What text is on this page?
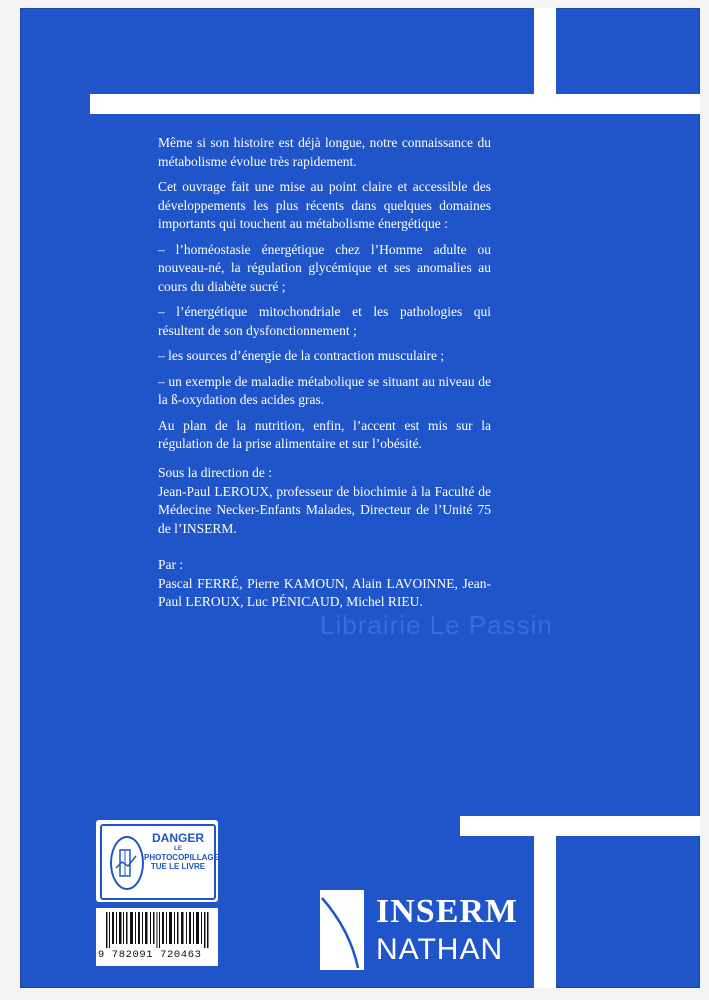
Même si son histoire est déjà longue, notre connaissance du métabolisme évolue très rapidement.

Cet ouvrage fait une mise au point claire et accessible des développements les plus récents dans quelques domaines importants qui touchent au métabolisme énergétique :

– l’homéostasie énergétique chez l’Homme adulte ou nouveau-né, la régulation glycémique et ses anomalies au cours du diabète sucré ;

– l’énergétique mitochondriale et les pathologies qui résultent de son dysfonctionnement ;

– les sources d’énergie de la contraction musculaire ;

– un exemple de maladie métabolique se situant au niveau de la ß-oxydation des acides gras.

Au plan de la nutrition, enfin, l’accent est mis sur la régulation de la prise alimentaire et sur l’obésité.

Sous la direction de :

Jean-Paul LEROUX, professeur de biochimie à la Faculté de Médecine Necker-Enfants Malades, Directeur de l’Unité 75 de l’INSERM.

Par :

Pascal FERRÉ, Pierre KAMOUN, Alain LAVOINNE, Jean-Paul LEROUX, Luc PÉNICAUD, Michel RIEU.

Librairie Le Passin
DANGER
LE
PHOTOCOPILLAGE
TUE LE LIVRE
9 782091 720463
INSERM
NATHAN
